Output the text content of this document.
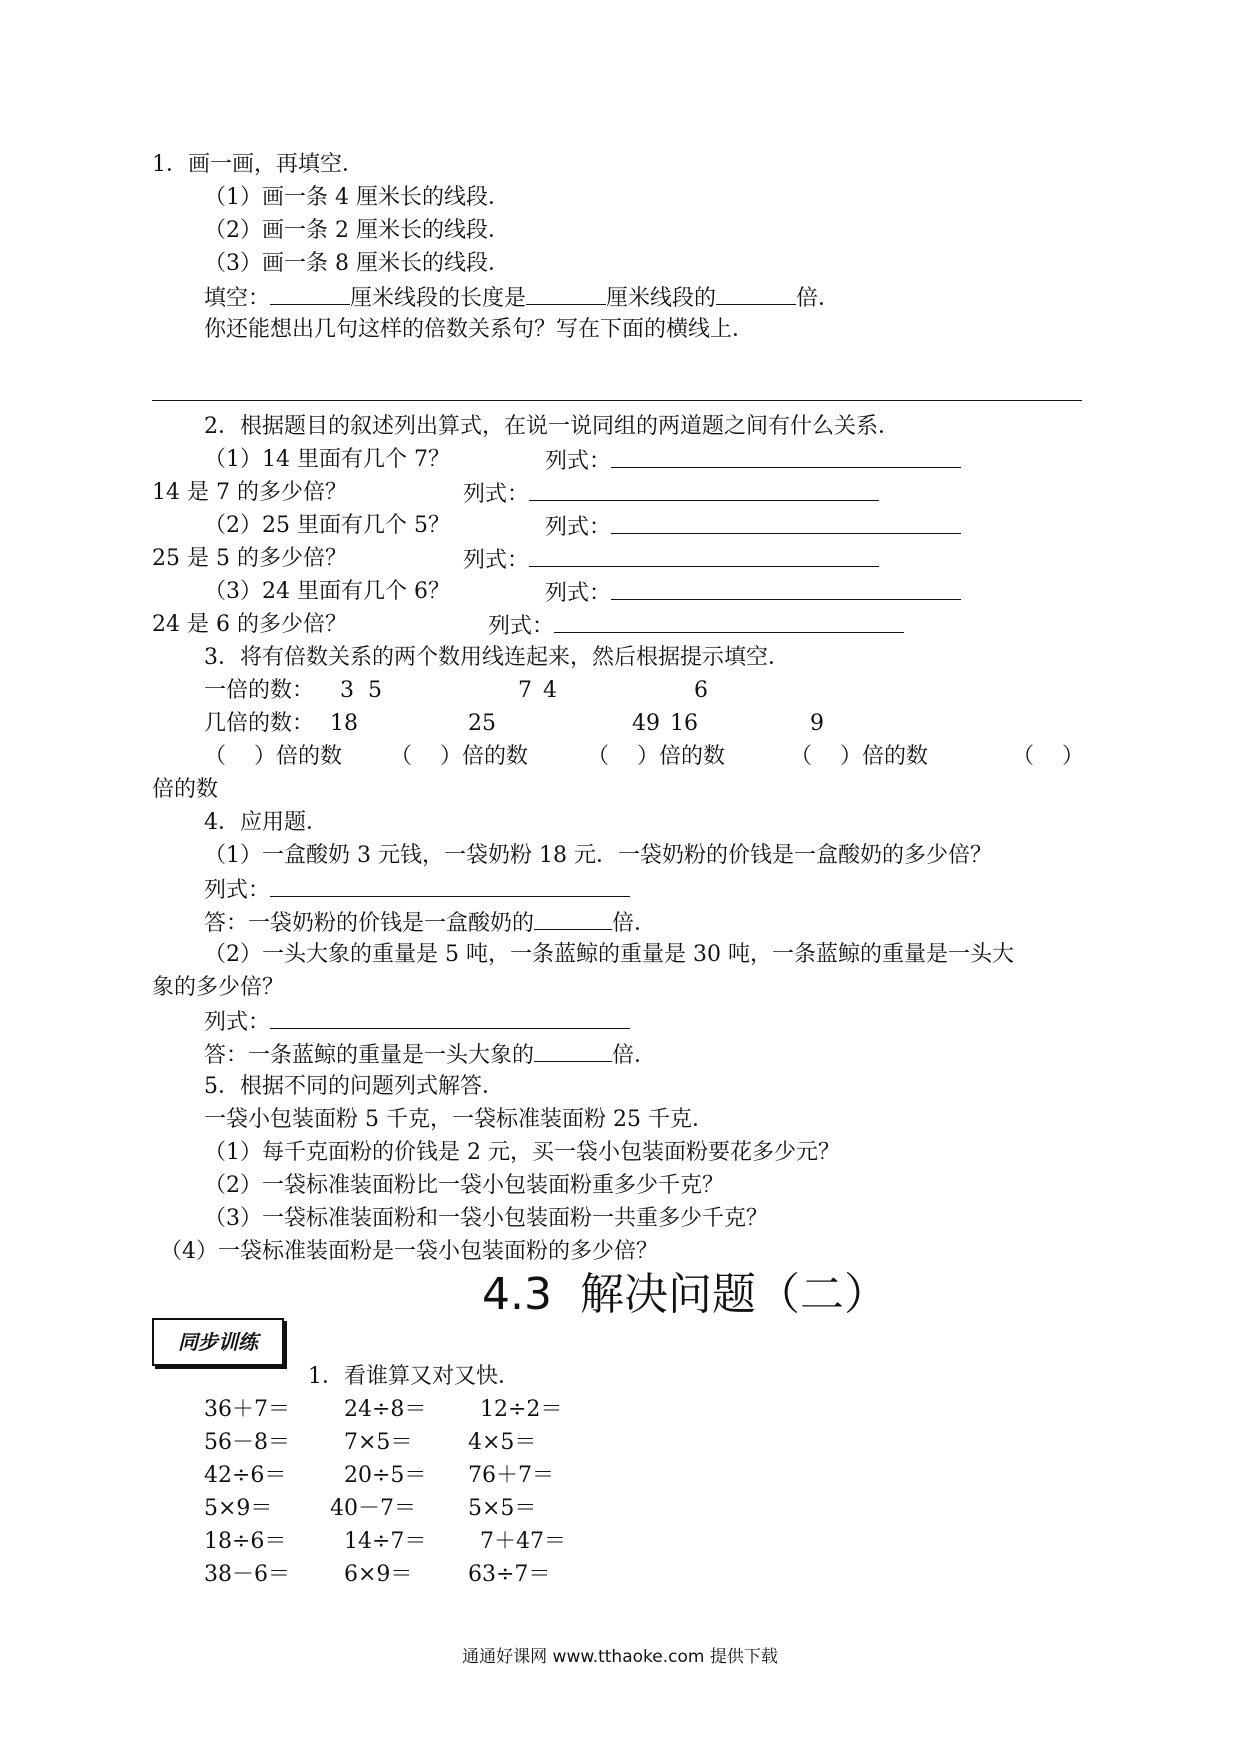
1．画一画，再填空．
（1）画一条 4 厘米长的线段．
（2）画一条 2 厘米长的线段．
（3）画一条 8 厘米长的线段．
填空：	厘米线段的长度是	厘米线段的	倍．
你还能想出几句这样的倍数关系句？写在下面的横线上．
2．根据题目的叙述列出算式，在说一说同组的两道题之间有什么关系．
（1）14 里面有几个 7？	列式：
14 是 7 的多少倍？	列式：
（2）25 里面有几个 5？	列式：
25 是 5 的多少倍？	列式：
（3）24 里面有几个 6？	列式：
24 是 6 的多少倍？	列式：
3．将有倍数关系的两个数用线连起来，然后根据提示填空．
一倍的数： 3 5	7 4	6
几倍的数： 18	25	49 16	9
（ ）倍的数 （ ）倍的数	（ ）倍的数	（ ）倍的数	（ ）
倍的数
4．应用题．
（1）一盒酸奶 3 元钱，一袋奶粉 18 元．一袋奶粉的价钱是一盒酸奶的多少倍？
列式：
答：一袋奶粉的价钱是一盒酸奶的	倍．
（2）一头大象的重量是 5 吨，一条蓝鲸的重量是 30 吨，一条蓝鲸的重量是一头大
象的多少倍？
列式：
答：一条蓝鲸的重量是一头大象的	倍．
5．根据不同的问题列式解答．
一袋小包装面粉 5 千克，一袋标准装面粉 25 千克．
（1）每千克面粉的价钱是 2 元，买一袋小包装面粉要花多少元？
（2）一袋标准装面粉比一袋小包装面粉重多少千克？
（3）一袋标准装面粉和一袋小包装面粉一共重多少千克？
（4）一袋标准装面粉是一袋小包装面粉的多少倍？
4.3  解决问题（二）
同步训练
1．看谁算又对又快．
36＋7＝ 24÷8＝ 12÷2＝
56－8＝ 7×5＝	4×5＝
42÷6＝	20÷5＝ 76＋7＝
5×9＝	40－7＝ 5×5＝
18÷6＝	14÷7＝ 7＋47＝
38－6＝ 6×9＝	63÷7＝
通通好课网 www.tthaoke.com 提供下载
